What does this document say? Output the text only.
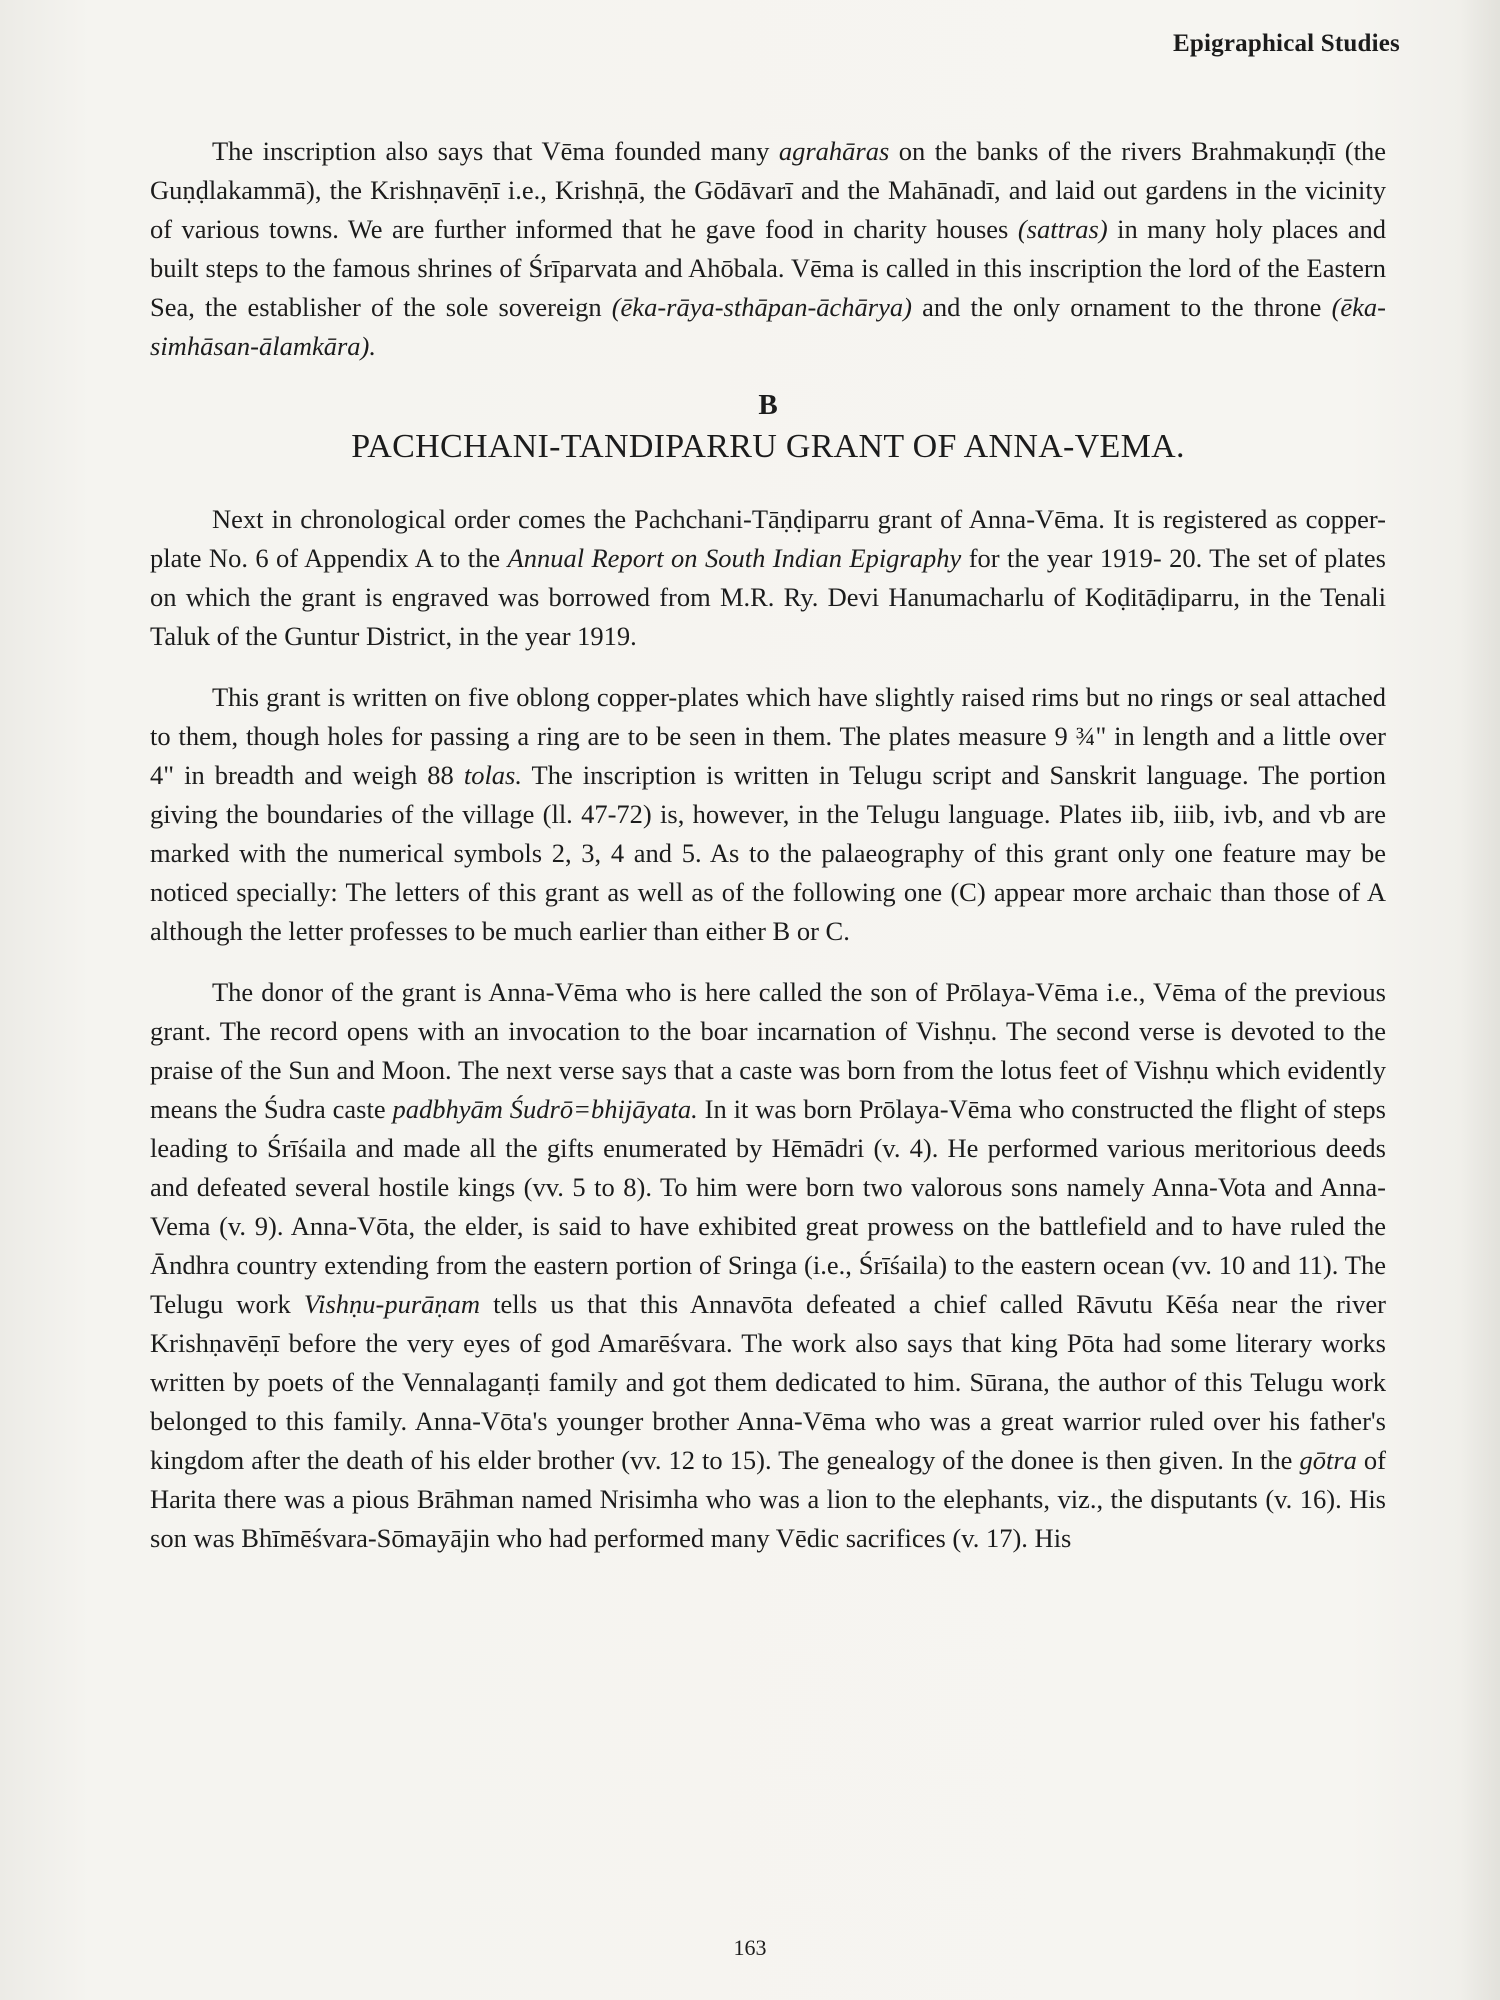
Epigraphical Studies

The inscription also says that Vēma founded many agrahāras on the banks of the rivers Brahmakuṇḍī (the Guṇḍlakammā), the Krishṇavēṇī i.e., Krishṇā, the Gōdāvarī and the Mahānadī, and laid out gardens in the vicinity of various towns. We are further informed that he gave food in charity houses (sattras) in many holy places and built steps to the famous shrines of Śrīparvata and Ahōbala. Vēma is called in this inscription the lord of the Eastern Sea, the establisher of the sole sovereign (ēka-rāya-sthāpan-āchārya) and the only ornament to the throne (ēka-simhāsan-ālamkāra).

B
PACHCHANI-TANDIPARRU GRANT OF ANNA-VEMA.

Next in chronological order comes the Pachchani-Tāṇḍiparru grant of Anna-Vēma. It is registered as copper-plate No. 6 of Appendix A to the Annual Report on South Indian Epigraphy for the year 1919- 20. The set of plates on which the grant is engraved was borrowed from M.R. Ry. Devi Hanumacharlu of Koḍitāḍiparru, in the Tenali Taluk of the Guntur District, in the year 1919.

This grant is written on five oblong copper-plates which have slightly raised rims but no rings or seal attached to them, though holes for passing a ring are to be seen in them. The plates measure 9 ¾" in length and a little over 4" in breadth and weigh 88 tolas. The inscription is written in Telugu script and Sanskrit language. The portion giving the boundaries of the village (ll. 47-72) is, however, in the Telugu language. Plates iib, iiib, ivb, and vb are marked with the numerical symbols 2, 3, 4 and 5. As to the palaeography of this grant only one feature may be noticed specially: The letters of this grant as well as of the following one (C) appear more archaic than those of A although the letter professes to be much earlier than either B or C.

The donor of the grant is Anna-Vēma who is here called the son of Prōlaya-Vēma i.e., Vēma of the previous grant. The record opens with an invocation to the boar incarnation of Vishṇu. The second verse is devoted to the praise of the Sun and Moon. The next verse says that a caste was born from the lotus feet of Vishṇu which evidently means the Śudra caste padbhyām Śudrō=bhijāyata. In it was born Prōlaya-Vēma who constructed the flight of steps leading to Śrīśaila and made all the gifts enumerated by Hēmādri (v. 4). He performed various meritorious deeds and defeated several hostile kings (vv. 5 to 8). To him were born two valorous sons namely Anna-Vota and Anna-Vema (v. 9). Anna-Vōta, the elder, is said to have exhibited great prowess on the battlefield and to have ruled the Āndhra country extending from the eastern portion of Sringa (i.e., Śrīśaila) to the eastern ocean (vv. 10 and 11). The Telugu work Vishṇu-purāṇam tells us that this Annavōta defeated a chief called Rāvutu Kēśa near the river Krishṇavēṇī before the very eyes of god Amarēśvara. The work also says that king Pōta had some literary works written by poets of the Vennalaganṭi family and got them dedicated to him. Sūrana, the author of this Telugu work belonged to this family. Anna-Vōta's younger brother Anna-Vēma who was a great warrior ruled over his father's kingdom after the death of his elder brother (vv. 12 to 15). The genealogy of the donee is then given. In the gōtra of Harita there was a pious Brāhman named Nrisimha who was a lion to the elephants, viz., the disputants (v. 16). His son was Bhīmēśvara-Sōmayājin who had performed many Vēdic sacrifices (v. 17). His

163
